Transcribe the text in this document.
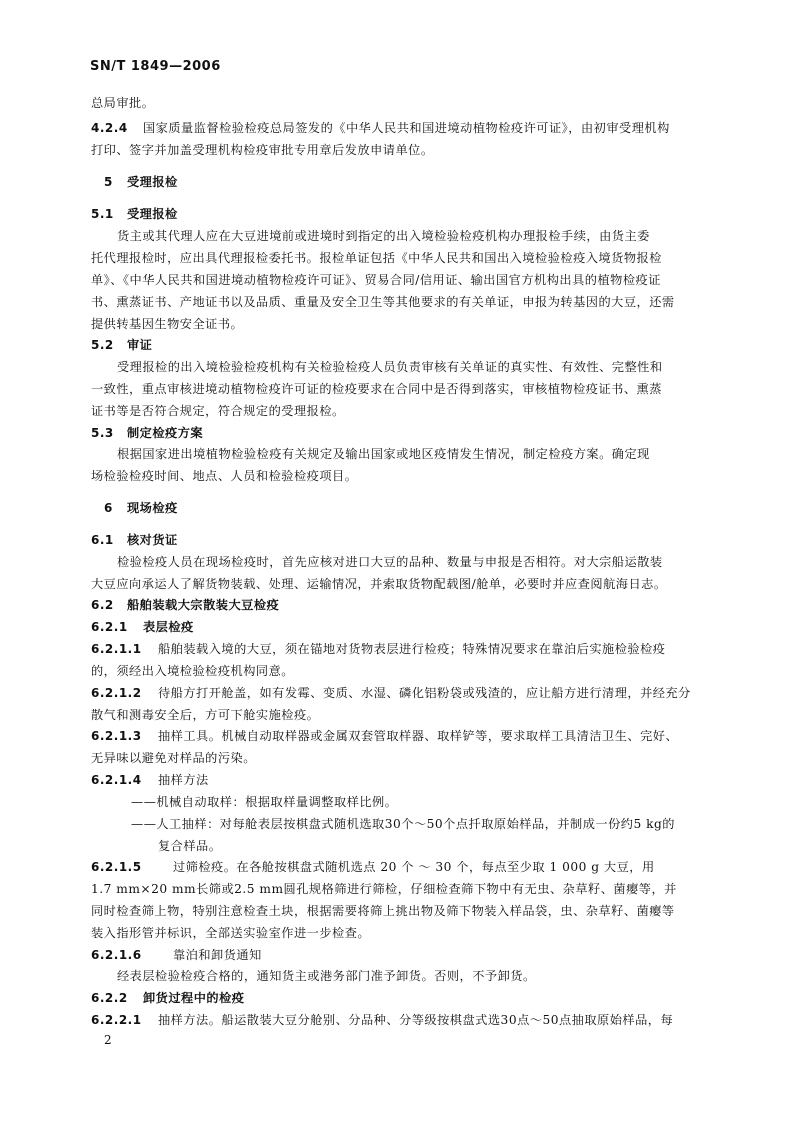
SN/T 1849—2006
总局审批。
4.2.4 国家质量监督检验检疫总局签发的《中华人民共和国进境动植物检疫许可证》，由初审受理机构
打印、签字并加盖受理机构检疫审批专用章后发放申请单位。
5 受理报检
5.1 受理报检
货主或其代理人应在大豆进境前或进境时到指定的出入境检验检疫机构办理报检手续，由货主委
托代理报检时，应出具代理报检委托书。报检单证包括《中华人民共和国出入境检验检疫入境货物报检
单》、《中华人民共和国进境动植物检疫许可证》、贸易合同/信用证、输出国官方机构出具的植物检疫证
书、熏蒸证书、产地证书以及品质、重量及安全卫生等其他要求的有关单证，申报为转基因的大豆，还需
提供转基因生物安全证书。
5.2 审证
受理报检的出入境检验检疫机构有关检验检疫人员负责审核有关单证的真实性、有效性、完整性和
一致性，重点审核进境动植物检疫许可证的检疫要求在合同中是否得到落实，审核植物检疫证书、熏蒸
证书等是否符合规定，符合规定的受理报检。
5.3 制定检疫方案
根据国家进出境植物检验检疫有关规定及输出国家或地区疫情发生情况，制定检疫方案。确定现
场检验检疫时间、地点、人员和检验检疫项目。
6 现场检疫
6.1 核对货证
检验检疫人员在现场检疫时，首先应核对进口大豆的品种、数量与申报是否相符。对大宗船运散装
大豆应向承运人了解货物装载、处理、运输情况，并索取货物配载图/舱单，必要时并应查阅航海日志。
6.2 船舶装载大宗散装大豆检疫
6.2.1 表层检疫
6.2.1.1 船舶装载入境的大豆，须在锚地对货物表层进行检疫；特殊情况要求在靠泊后实施检验检疫
的，须经出入境检验检疫机构同意。
6.2.1.2 待船方打开舱盖，如有发霉、变质、水湿、磷化铝粉袋或残渣的，应让船方进行清理，并经充分
散气和测毒安全后，方可下舱实施检疫。
6.2.1.3 抽样工具。机械自动取样器或金属双套管取样器、取样铲等，要求取样工具清洁卫生、完好、
无异味以避免对样品的污染。
6.2.1.4 抽样方法
——机械自动取样：根据取样量调整取样比例。
——人工抽样：对每舱表层按棋盘式随机选取30个～50个点扦取原始样品，并制成一份约5 kg的
复合样品。
6.2.1.5	过筛检疫。在各舱按棋盘式随机选点 20 个 ～ 30 个，每点至少取 1 000 g 大豆，用
1.7 mm×20 mm长筛或2.5 mm圆孔规格筛进行筛检，仔细检查筛下物中有无虫、杂草籽、菌瘿等，并
同时检查筛上物，特别注意检查土块，根据需要将筛上挑出物及筛下物装入样品袋，虫、杂草籽、菌瘿等
装入指形管并标识，全部送实验室作进一步检查。
6.2.1.6	靠泊和卸货通知
经表层检验检疫合格的，通知货主或港务部门准予卸货。否则，不予卸货。
6.2.2 卸货过程中的检疫
6.2.2.1 抽样方法。船运散装大豆分舱别、分品种、分等级按棋盘式选30点～50点抽取原始样品，每
2
